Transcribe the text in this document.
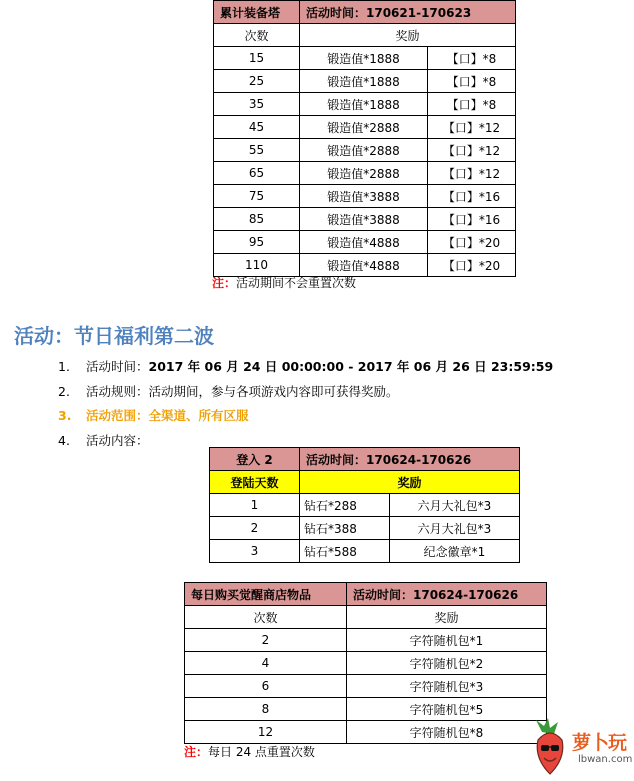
累计装备塔	活动时间：170621-170623	
次数	奖励	
15	锻造值*1888	【口】*8
25	锻造值*1888	【口】*8
35	锻造值*1888	【口】*8
45	锻造值*2888	【口】*12
55	锻造值*2888	【口】*12
65	锻造值*2888	【口】*12
75	锻造值*3888	【口】*16
85	锻造值*3888	【口】*16
95	锻造值*4888	【口】*20
110	锻造值*4888	【口】*20
注：活动期间不会重置次数
活动：节日福利第二波
1. 活动时间：2017 年 06 月 24 日 00:00:00 - 2017 年 06 月 26 日 23:59:59
2. 活动规则：活动期间，参与各项游戏内容即可获得奖励。
3. 活动范围：全渠道、所有区服
4. 活动内容：
登入 2	活动时间：170624-170626	
登陆天数	奖励	
1	钻石*288	六月大礼包*3
2	钻石*388	六月大礼包*3
3	钻石*588	纪念徽章*1
每日购买觉醒商店物品	活动时间：170624-170626
次数	奖励
2	字符随机包*1
4	字符随机包*2
6	字符随机包*3
8	字符随机包*5
12	字符随机包*8
注：每日 24 点重置次数	萝卜玩
lbwan.com
